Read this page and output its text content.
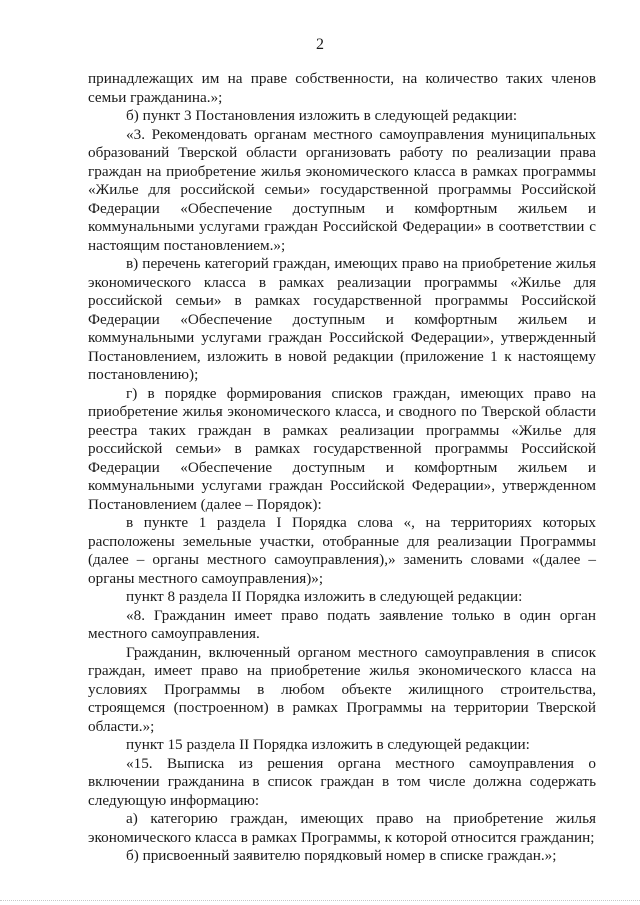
2

принадлежащих им на праве собственности, на количество таких членов семьи гражданина.»;

б) пункт 3 Постановления изложить в следующей редакции:

«3. Рекомендовать органам местного самоуправления муниципальных образований Тверской области организовать работу по реализации права граждан на приобретение жилья экономического класса в рамках программы «Жилье для российской семьи» государственной программы Российской Федерации «Обеспечение доступным и комфортным жильем и коммунальными услугами граждан Российской Федерации» в соответствии с настоящим постановлением.»;

в) перечень категорий граждан, имеющих право на приобретение жилья экономического класса в рамках реализации программы «Жилье для российской семьи» в рамках государственной программы Российской Федерации «Обеспечение доступным и комфортным жильем и коммунальными услугами граждан Российской Федерации», утвержденный Постановлением, изложить в новой редакции (приложение 1 к настоящему постановлению);

г) в порядке формирования списков граждан, имеющих право на приобретение жилья экономического класса, и сводного по Тверской области реестра таких граждан в рамках реализации программы «Жилье для российской семьи» в рамках государственной программы Российской Федерации «Обеспечение доступным и комфортным жильем и коммунальными услугами граждан Российской Федерации», утвержденном Постановлением (далее – Порядок):

в пункте 1 раздела I Порядка слова «, на территориях которых расположены земельные участки, отобранные для реализации Программы (далее – органы местного самоуправления),» заменить словами «(далее – органы местного самоуправления)»;

пункт 8 раздела II Порядка изложить в следующей редакции:

«8. Гражданин имеет право подать заявление только в один орган местного самоуправления.

Гражданин, включенный органом местного самоуправления в список граждан, имеет право на приобретение жилья экономического класса на условиях Программы в любом объекте жилищного строительства, строящемся (построенном) в рамках Программы на территории Тверской области.»;

пункт 15 раздела II Порядка изложить в следующей редакции:

«15. Выписка из решения органа местного самоуправления о включении гражданина в список граждан в том числе должна содержать следующую информацию:

а) категорию граждан, имеющих право на приобретение жилья экономического класса в рамках Программы, к которой относится гражданин;

б) присвоенный заявителю порядковый номер в списке граждан.»;
